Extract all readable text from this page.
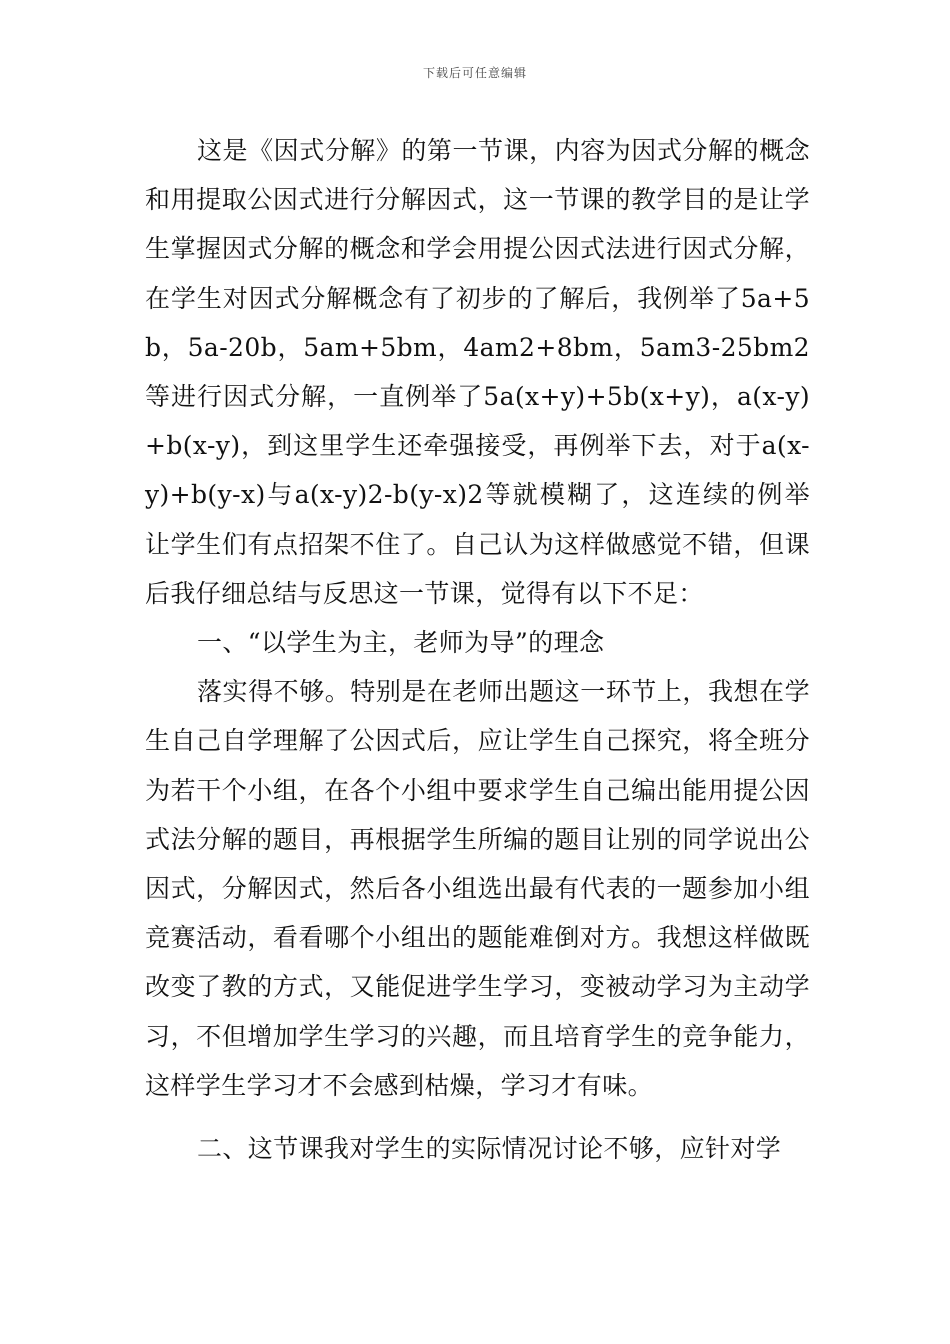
下载后可任意编辑

这是《因式分解》的第一节课，内容为因式分解的概念和用提取公因式进行分解因式，这一节课的教学目的是让学生掌握因式分解的概念和学会用提公因式法进行因式分解，在学生对因式分解概念有了初步的了解后，我例举了5a+5b，5a-20b，5am+5bm，4am2+8bm，5am3-25bm2等进行因式分解，一直例举了5a(x+y)+5b(x+y)，a(x-y)+b(x-y)，到这里学生还牵强接受，再例举下去，对于a(x-y)+b(y-x)与a(x-y)2-b(y-x)2等就模糊了，这连续的例举让学生们有点招架不住了。自己认为这样做感觉不错，但课后我仔细总结与反思这一节课，觉得有以下不足：

一、“以学生为主，老师为导”的理念

落实得不够。特别是在老师出题这一环节上，我想在学生自己自学理解了公因式后，应让学生自己探究，将全班分为若干个小组，在各个小组中要求学生自己编出能用提公因式法分解的题目，再根据学生所编的题目让别的同学说出公因式，分解因式，然后各小组选出最有代表的一题参加小组竞赛活动，看看哪个小组出的题能难倒对方。我想这样做既改变了教的方式，又能促进学生学习，变被动学习为主动学习，不但增加学生学习的兴趣，而且培育学生的竞争能力，这样学生学习才不会感到枯燥，学习才有味。

二、这节课我对学生的实际情况讨论不够，应针对学
